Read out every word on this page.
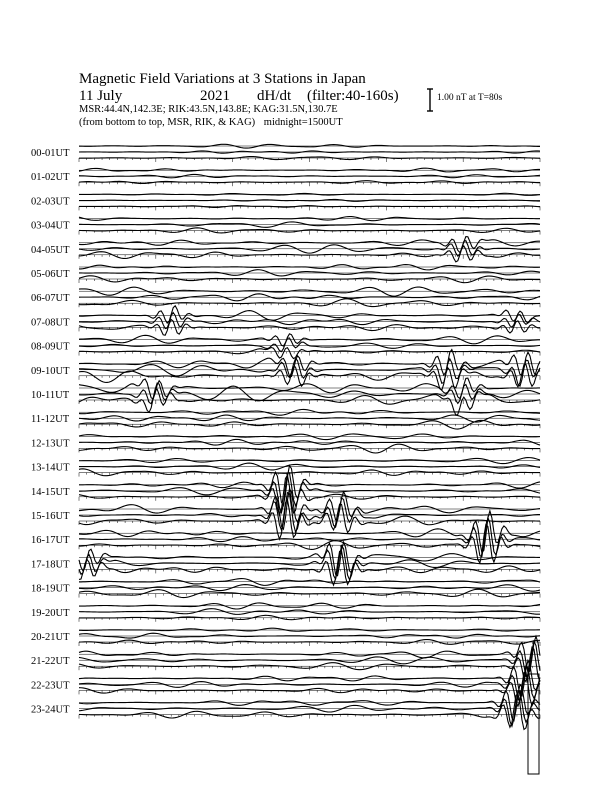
Magnetic Field Variations at 3 Stations in Japan
11 July	2021 dH/dt (filter:40-160s)
MSR:44.4N,142.3E; RIK:43.5N,143.8E; KAG:31.5N,130.7E
(from bottom to top, MSR, RIK, & KAG) midnight=1500UT
1.00 nT at T=80s
00-01UT
01-02UT
02-03UT
03-04UT
04-05UT
05-06UT
06-07UT
07-08UT
08-09UT
09-10UT
10-11UT
11-12UT
12-13UT
13-14UT
14-15UT
15-16UT
16-17UT
17-18UT
18-19UT
19-20UT
20-21UT
21-22UT
22-23UT
23-24UT
